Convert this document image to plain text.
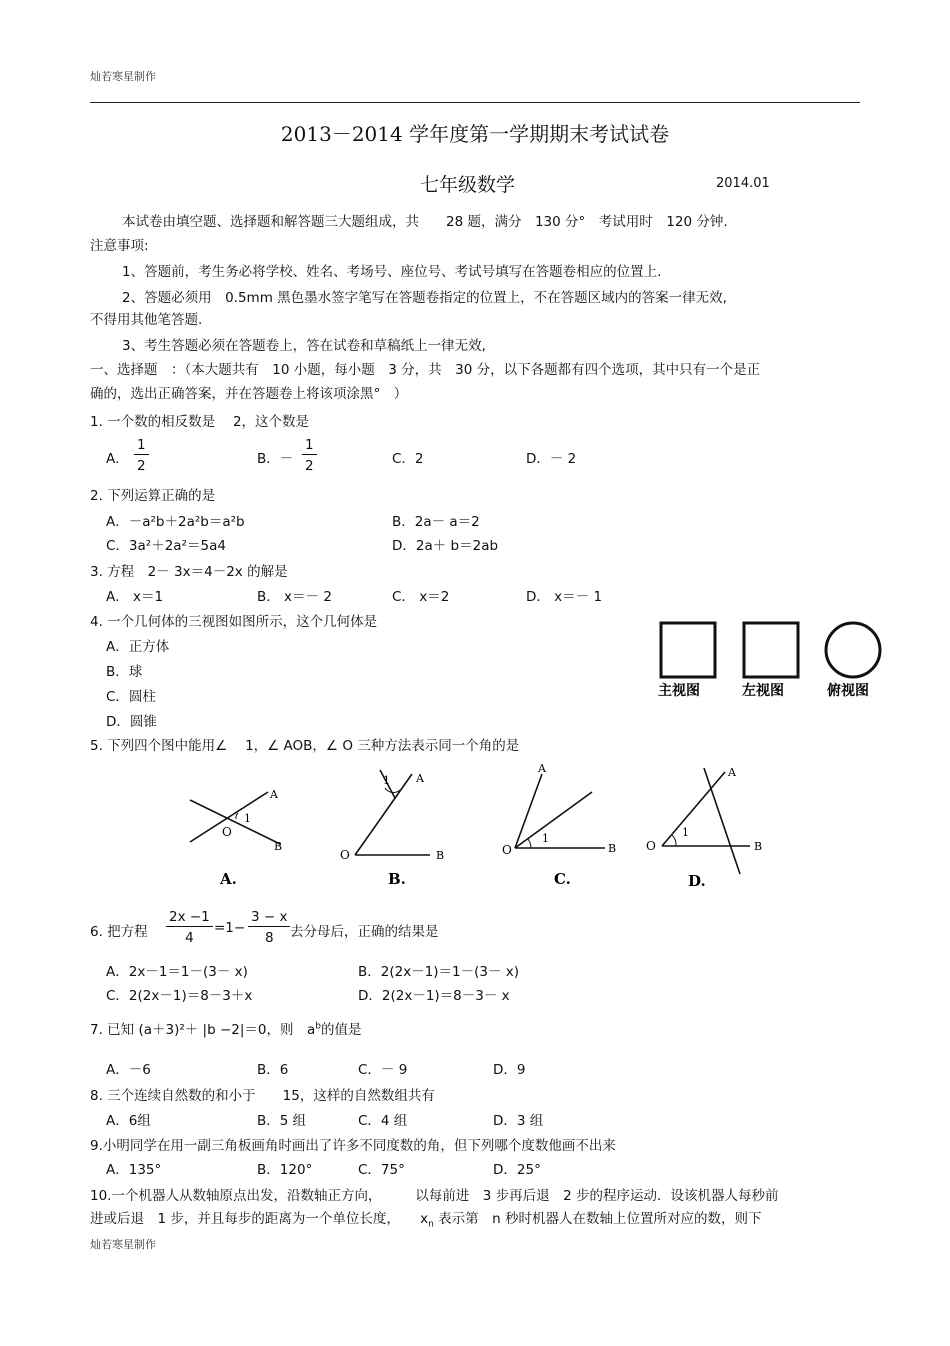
灿若寒星制作
2013－2014 学年度第一学期期末考试试卷
七年级数学	2014.01
本试卷由填空题、选择题和解答题三大题组成，共　　28 题，满分　130 分°　考试用时　120 分钟.
注意事项:
1、答题前，考生务必将学校、姓名、考场号、座位号、考试号填写在答题卷相应的位置上.
2、答题必须用　0.5mm 黑色墨水签字笔写在答题卷指定的位置上，不在答题区域内的答案一律无效,
不得用其他笔答题.
3、考生答题必须在答题卷上，答在试卷和草稿纸上一律无效,
一、选择题　：（本大题共有　10 小题，每小题　3 分，共　30 分，以下各题都有四个选项，其中只有一个是正
确的，选出正确答案，并在答题卷上将该项涂黑°　）
1. 一个数的相反数是　 2，这个数是
A． $\frac{1}{2}$	B．－ $\frac{1}{2}$	C．2	D．－ 2
2. 下列运算正确的是
A．－a²b＋2a²b＝a²b	B．2a－ a＝2
C．3a²＋2a²＝5a4	D．2a＋ b＝2ab
3. 方程　2－ 3x＝4－2x 的解是
A． x＝1	B． x＝－ 2	C． x＝2	D． x＝－ 1
4. 一个几何体的三视图如图所示，这个几何体是
A．正方体
B．球
C．圆柱
D．圆锥
主视图	左视图	俯视图
5. 下列四个图中能用∠　 1，∠ AOB，∠ O 三种方法表示同一个角的是
O
1
A
B
A.
1 A
O	B
B.
1
A
O	B
C.
1
A
O	B
D.
6. 把方程 $\frac{2x -1}{4} =1- \frac{3 - x}{8}$ 去分母后，正确的结果是
A．2x－1＝1－(3－ x)	B．2(2x－1)＝1－(3－ x)
C．2(2x－1)＝8－3＋x	D．2(2x－1)＝8－3－ x
7. 已知 (a＋3)²＋ |b −2|＝0，则　$a^b$的值是
A．－6	B．6	C．－ 9	D．9
8. 三个连续自然数的和小于　　15，这样的自然数组共有
A．6组	B．5 组	C．4 组	D．3 组
9.小明同学在用一副三角板画角时画出了许多不同度数的角，但下列哪个度数他画不出来
A．135°	B．120°	C．75°	D．25°
10.一个机器人从数轴原点出发，沿数轴正方向，　　　以每前进　3 步再后退　2 步的程序运动．设该机器人每秒前
进或后退　1 步，并且每步的距离为一个单位长度，　　$x_n$ 表示第　n 秒时机器人在数轴上位置所对应的数，则下
灿若寒星制作
